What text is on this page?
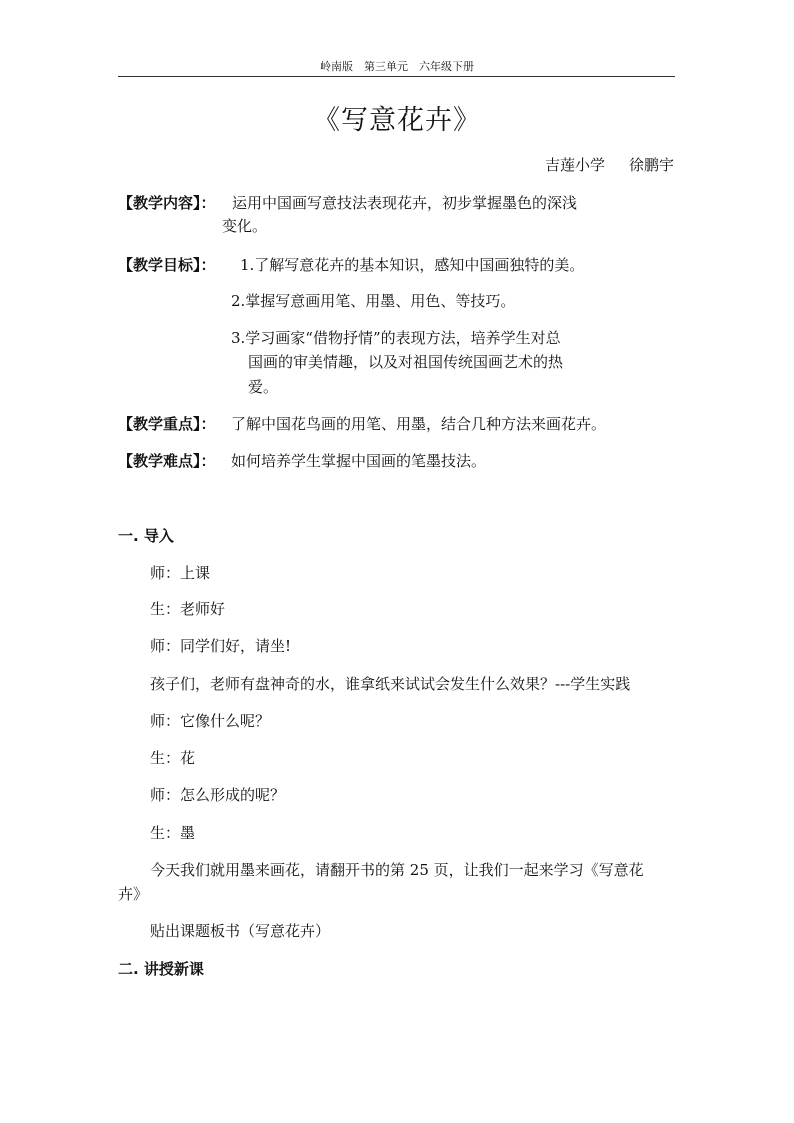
岭南版　第三单元　六年级下册
《写意花卉》
吉莲小学 徐鹏宇
【教学内容】： 运用中国画写意技法表现花卉，初步掌握墨色的深浅
变化。
【教学目标】： 1.了解写意花卉的基本知识，感知中国画独特的美。
2.掌握写意画用笔、用墨、用色、等技巧。
3.学习画家“借物抒情”的表现方法，培养学生对总
国画的审美情趣，以及对祖国传统国画艺术的热
爱。
【教学重点】： 了解中国花鸟画的用笔、用墨，结合几种方法来画花卉。
【教学难点】： 如何培养学生掌握中国画的笔墨技法。
一. 导入
师：上课
生：老师好
师：同学们好，请坐!
孩子们，老师有盘神奇的水，谁拿纸来试试会发生什么效果？---学生实践
师：它像什么呢？
生：花
师：怎么形成的呢？
生：墨
今天我们就用墨来画花，请翻开书的第 25 页，让我们一起来学习《写意花
卉》
贴出课题板书（写意花卉）
二. 讲授新课
